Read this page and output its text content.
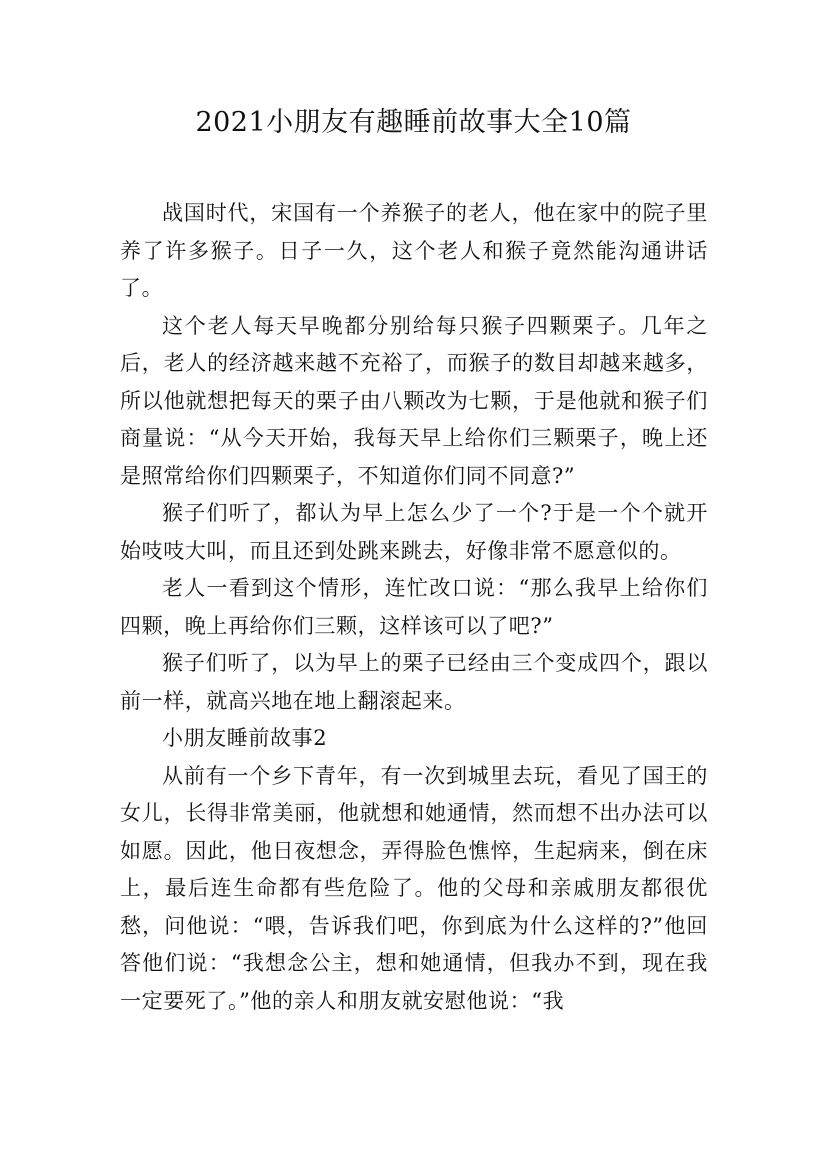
2021小朋友有趣睡前故事大全10篇

战国时代，宋国有一个养猴子的老人，他在家中的院子里养了许多猴子。日子一久，这个老人和猴子竟然能沟通讲话了。

这个老人每天早晚都分别给每只猴子四颗栗子。几年之后，老人的经济越来越不充裕了，而猴子的数目却越来越多，所以他就想把每天的栗子由八颗改为七颗，于是他就和猴子们商量说：“从今天开始，我每天早上给你们三颗栗子，晚上还是照常给你们四颗栗子，不知道你们同不同意?”

猴子们听了，都认为早上怎么少了一个?于是一个个就开始吱吱大叫，而且还到处跳来跳去，好像非常不愿意似的。

老人一看到这个情形，连忙改口说：“那么我早上给你们四颗，晚上再给你们三颗，这样该可以了吧?”

猴子们听了，以为早上的栗子已经由三个变成四个，跟以前一样，就高兴地在地上翻滚起来。

小朋友睡前故事2

从前有一个乡下青年，有一次到城里去玩，看见了国王的女儿，长得非常美丽，他就想和她通情，然而想不出办法可以如愿。因此，他日夜想念，弄得脸色憔悴，生起病来，倒在床上，最后连生命都有些危险了。他的父母和亲戚朋友都很优愁，问他说：“喂，告诉我们吧，你到底为什么这样的?”他回答他们说：“我想念公主，想和她通情，但我办不到，现在我一定要死了。”他的亲人和朋友就安慰他说：“我
